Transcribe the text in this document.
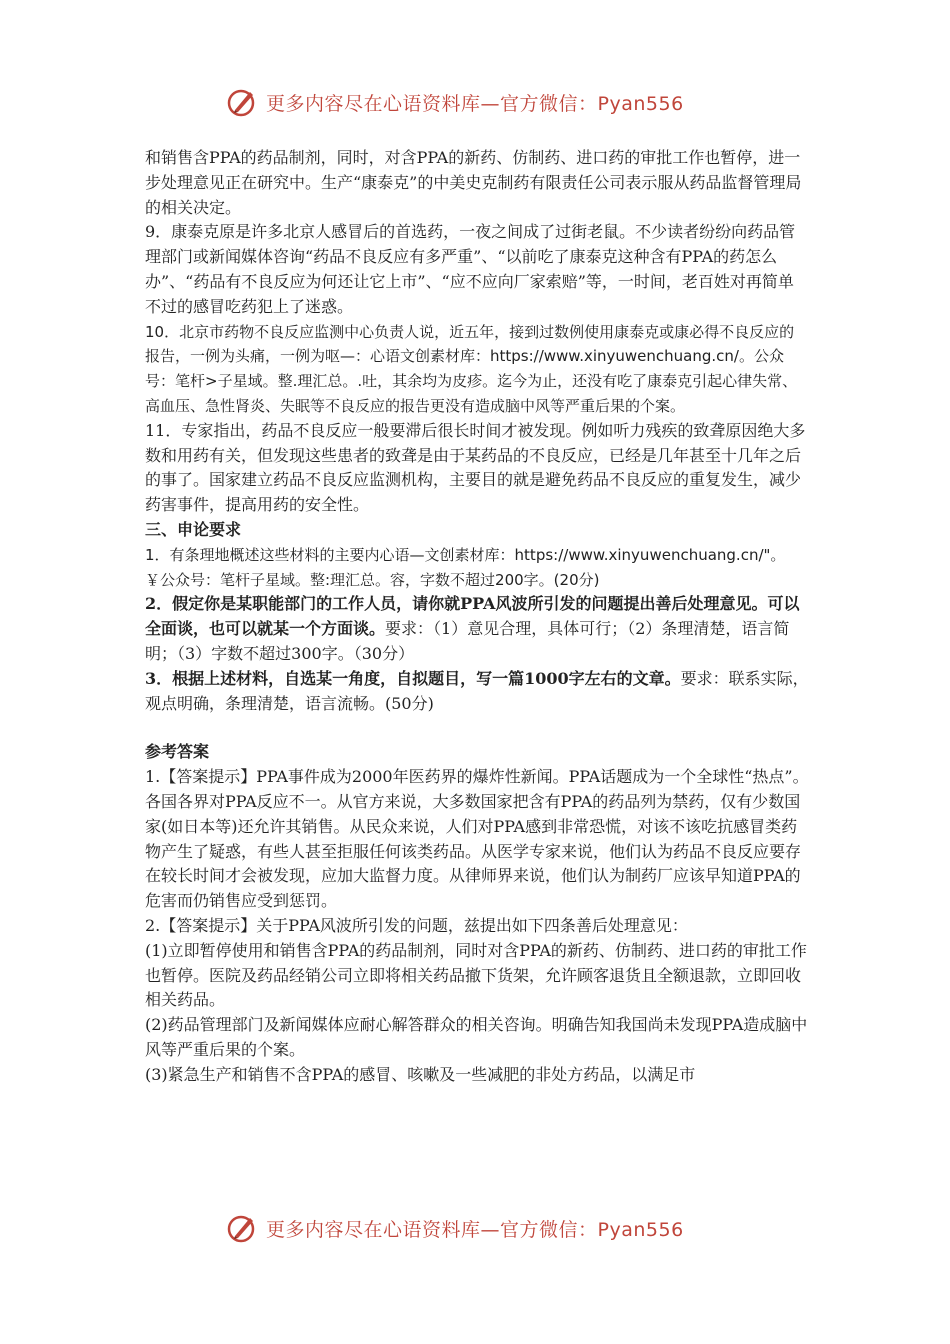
更多内容尽在心语资料库—官方微信：Pyan556

和销售含PPA的药品制剂，同时，对含PPA的新药、仿制药、进口药的审批工作也暂停，进一步处理意见正在研究中。生产“康泰克”的中美史克制药有限责任公司表示服从药品监督管理局的相关决定。

9．康泰克原是许多北京人感冒后的首选药，一夜之间成了过街老鼠。不少读者纷纷向药品管理部门或新闻媒体咨询“药品不良反应有多严重”、“以前吃了康泰克这种含有PPA的药怎么办”、“药品有不良反应为何还让它上市”、“应不应向厂家索赔”等，一时间，老百姓对再简单不过的感冒吃药犯上了迷惑。

10．北京市药物不良反应监测中心负责人说，近五年，接到过数例使用康泰克或康必得不良反应的报告，一例为头痛，一例为呕—：心语文创素材库：https://www.xinyuwenchuang.cn/。公众号：笔杆>子星域。整.理汇总。.吐，其余均为皮疹。迄今为止，还没有吃了康泰克引起心律失常、高血压、急性肾炎、失眠等不良反应的报告更没有造成脑中风等严重后果的个案。

11．专家指出，药品不良反应一般要滞后很长时间才被发现。例如听力残疾的致聋原因绝大多数和用药有关，但发现这些患者的致聋是由于某药品的不良反应，已经是几年甚至十几年之后的事了。国家建立药品不良反应监测机构，主要目的就是避免药品不良反应的重复发生，减少药害事件，提高用药的安全性。

三、申论要求

1．有条理地概述这些材料的主要内心语—文创素材库：https://www.xinyuwenchuang.cn/"。￥公众号：笔杆子星域。整:理汇总。容，字数不超过200字。(20分)

2．假定你是某职能部门的工作人员，请你就PPA风波所引发的问题提出善后处理意见。可以全面谈，也可以就某一个方面谈。要求：（1）意见合理，具体可行；（2）条理清楚，语言简明；（3）字数不超过300字。（30分）

3．根据上述材料，自选某一角度，自拟题目，写一篇1000字左右的文章。要求：联系实际，观点明确，条理清楚，语言流畅。(50分)

参考答案

1.【答案提示】PPA事件成为2000年医药界的爆炸性新闻。PPA话题成为一个全球性“热点”。各国各界对PPA反应不一。从官方来说，大多数国家把含有PPA的药品列为禁药，仅有少数国家(如日本等)还允许其销售。从民众来说，人们对PPA感到非常恐慌，对该不该吃抗感冒类药物产生了疑惑，有些人甚至拒服任何该类药品。从医学专家来说，他们认为药品不良反应要存在较长时间才会被发现，应加大监督力度。从律师界来说，他们认为制药厂应该早知道PPA的危害而仍销售应受到惩罚。

2.【答案提示】关于PPA风波所引发的问题，兹提出如下四条善后处理意见：

(1)立即暂停使用和销售含PPA的药品制剂，同时对含PPA的新药、仿制药、进口药的审批工作也暂停。医院及药品经销公司立即将相关药品撤下货架，允许顾客退货且全额退款，立即回收相关药品。

(2)药品管理部门及新闻媒体应耐心解答群众的相关咨询。明确告知我国尚未发现PPA造成脑中风等严重后果的个案。

(3)紧急生产和销售不含PPA的感冒、咳嗽及一些减肥的非处方药品，以满足市

更多内容尽在心语资料库—官方微信：Pyan556
